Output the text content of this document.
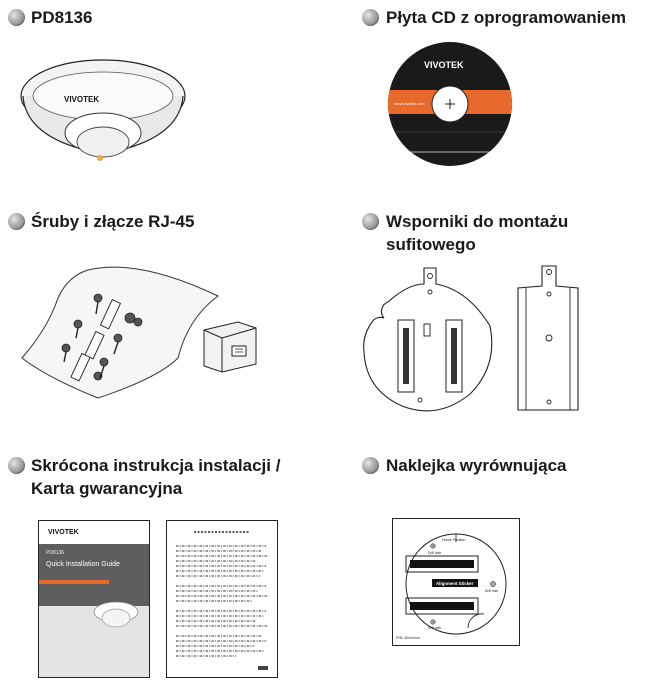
PD8136
VIVOTEK
Płyta CD z oprogramowaniem
VIVOTEK
www.vivotek.com
Śruby i złącze RJ-45	Wsporniki do montażu
sufitowego
Skrócona instrukcja instalacji /
Karta gwarancyjna
VIVOTEK
PD8136
Quick Installation Guide
Naklejka wyrównująca
Home Position
Drill hole
Alignment Sticker
Drill hole
Drill hole
P/N: 62xxxxxx
